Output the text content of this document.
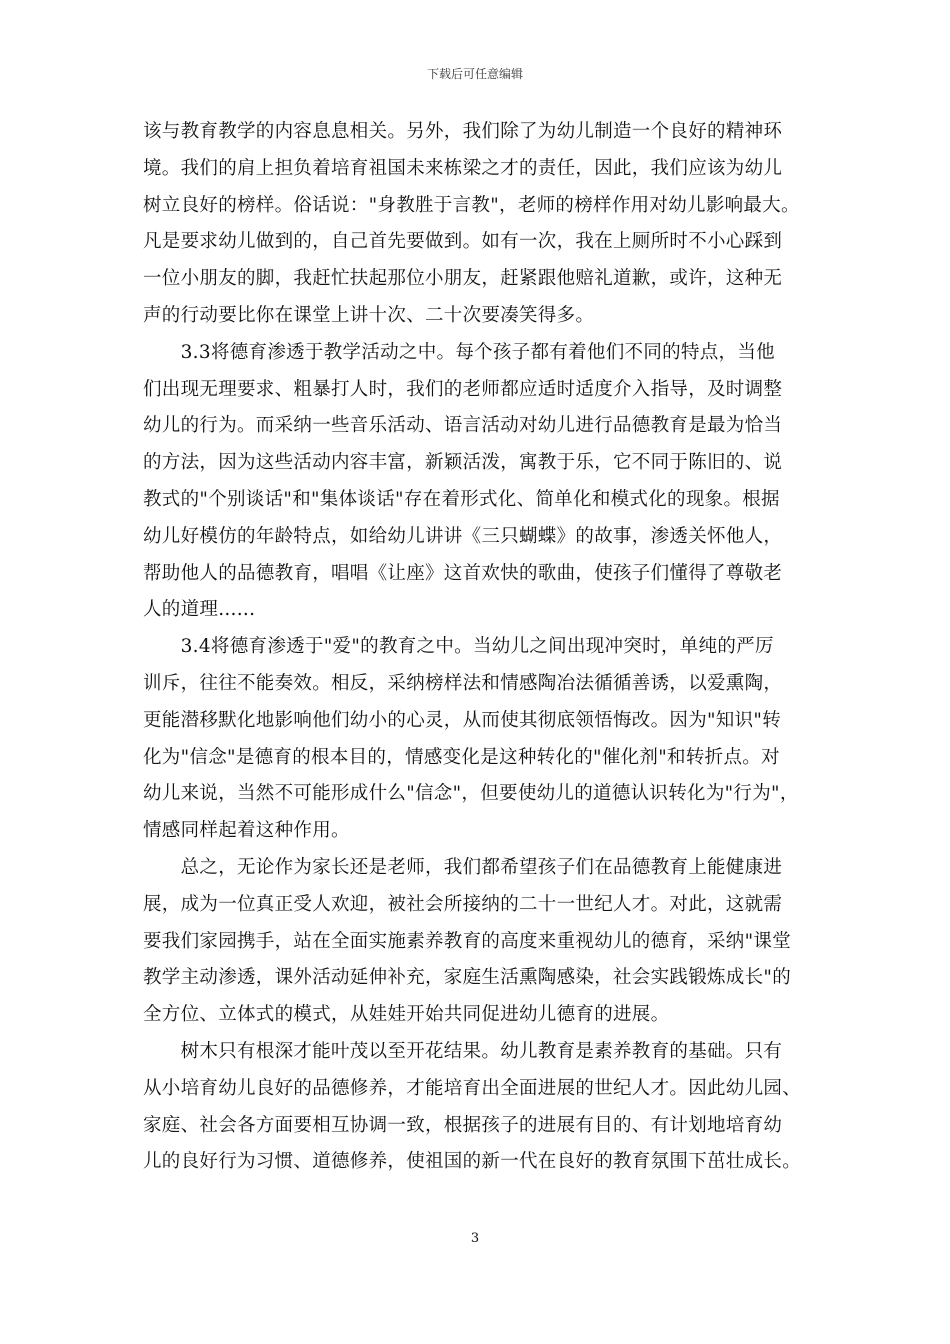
下载后可任意编辑
该与教育教学的内容息息相关。另外，我们除了为幼儿制造一个良好的精神环
境。我们的肩上担负着培育祖国未来栋梁之才的责任，因此，我们应该为幼儿
树立良好的榜样。俗话说："身教胜于言教"，老师的榜样作用对幼儿影响最大。
凡是要求幼儿做到的，自己首先要做到。如有一次，我在上厕所时不小心踩到
一位小朋友的脚，我赶忙扶起那位小朋友，赶紧跟他赔礼道歉，或许，这种无
声的行动要比你在课堂上讲十次、二十次要凑笑得多。
　　3.3将德育渗透于教学活动之中。每个孩子都有着他们不同的特点，当他
们出现无理要求、粗暴打人时，我们的老师都应适时适度介入指导，及时调整
幼儿的行为。而采纳一些音乐活动、语言活动对幼儿进行品德教育是最为恰当
的方法，因为这些活动内容丰富，新颖活泼，寓教于乐，它不同于陈旧的、说
教式的"个别谈话"和"集体谈话"存在着形式化、简单化和模式化的现象。根据
幼儿好模仿的年龄特点，如给幼儿讲讲《三只蝴蝶》的故事，渗透关怀他人，
帮助他人的品德教育，唱唱《让座》这首欢快的歌曲，使孩子们懂得了尊敬老
人的道理......
　　3.4将德育渗透于"爱"的教育之中。当幼儿之间出现冲突时，单纯的严厉
训斥，往往不能奏效。相反，采纳榜样法和情感陶冶法循循善诱，以爱熏陶，
更能潜移默化地影响他们幼小的心灵，从而使其彻底领悟悔改。因为"知识"转
化为"信念"是德育的根本目的，情感变化是这种转化的"催化剂"和转折点。对
幼儿来说，当然不可能形成什么"信念"，但要使幼儿的道德认识转化为"行为"，
情感同样起着这种作用。
　　总之，无论作为家长还是老师，我们都希望孩子们在品德教育上能健康进
展，成为一位真正受人欢迎，被社会所接纳的二十一世纪人才。对此，这就需
要我们家园携手，站在全面实施素养教育的高度来重视幼儿的德育，采纳"课堂
教学主动渗透，课外活动延伸补充，家庭生活熏陶感染，社会实践锻炼成长"的
全方位、立体式的模式，从娃娃开始共同促进幼儿德育的进展。
　　树木只有根深才能叶茂以至开花结果。幼儿教育是素养教育的基础。只有
从小培育幼儿良好的品德修养，才能培育出全面进展的世纪人才。因此幼儿园、
家庭、社会各方面要相互协调一致，根据孩子的进展有目的、有计划地培育幼
儿的良好行为习惯、道德修养，使祖国的新一代在良好的教育氛围下茁壮成长。
3
